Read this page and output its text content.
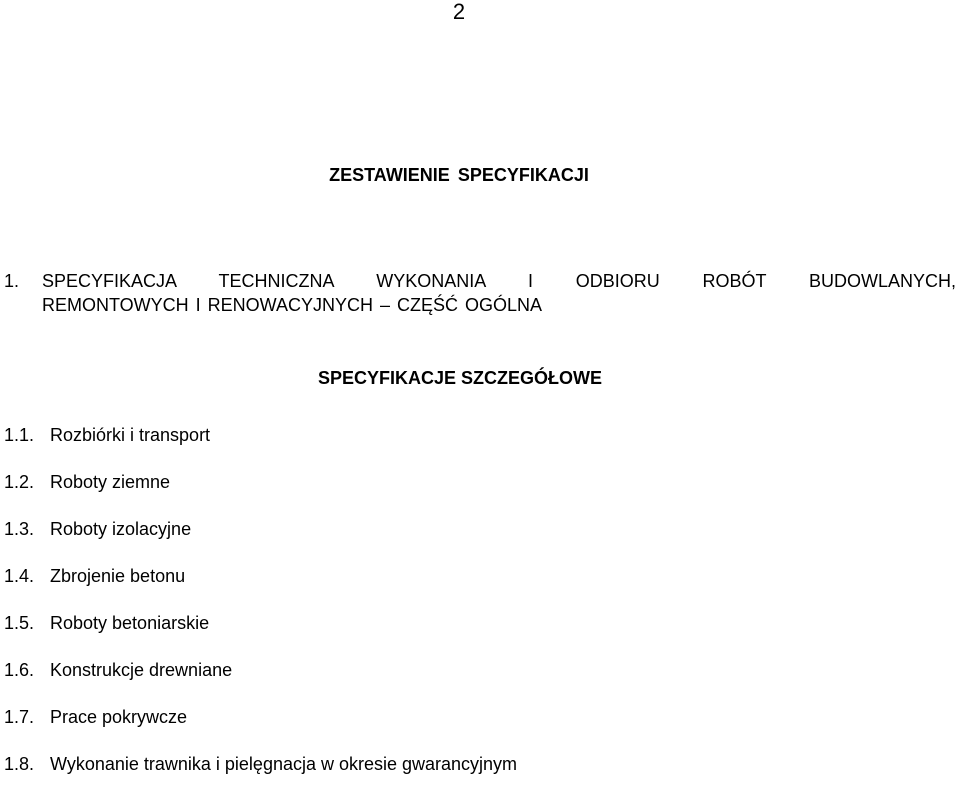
2
ZESTAWIENIE SPECYFIKACJI
1. SPECYFIKACJA TECHNICZNA WYKONANIA I ODBIORU ROBÓT BUDOWLANYCH,
REMONTOWYCH I RENOWACYJNYCH – CZĘŚĆ OGÓLNA
SPECYFIKACJE SZCZEGÓŁOWE
1.1. Rozbiórki i transport
1.2. Roboty ziemne
1.3. Roboty izolacyjne
1.4. Zbrojenie betonu
1.5. Roboty betoniarskie
1.6. Konstrukcje drewniane
1.7. Prace pokrywcze
1.8. Wykonanie trawnika i pielęgnacja w okresie gwarancyjnym
